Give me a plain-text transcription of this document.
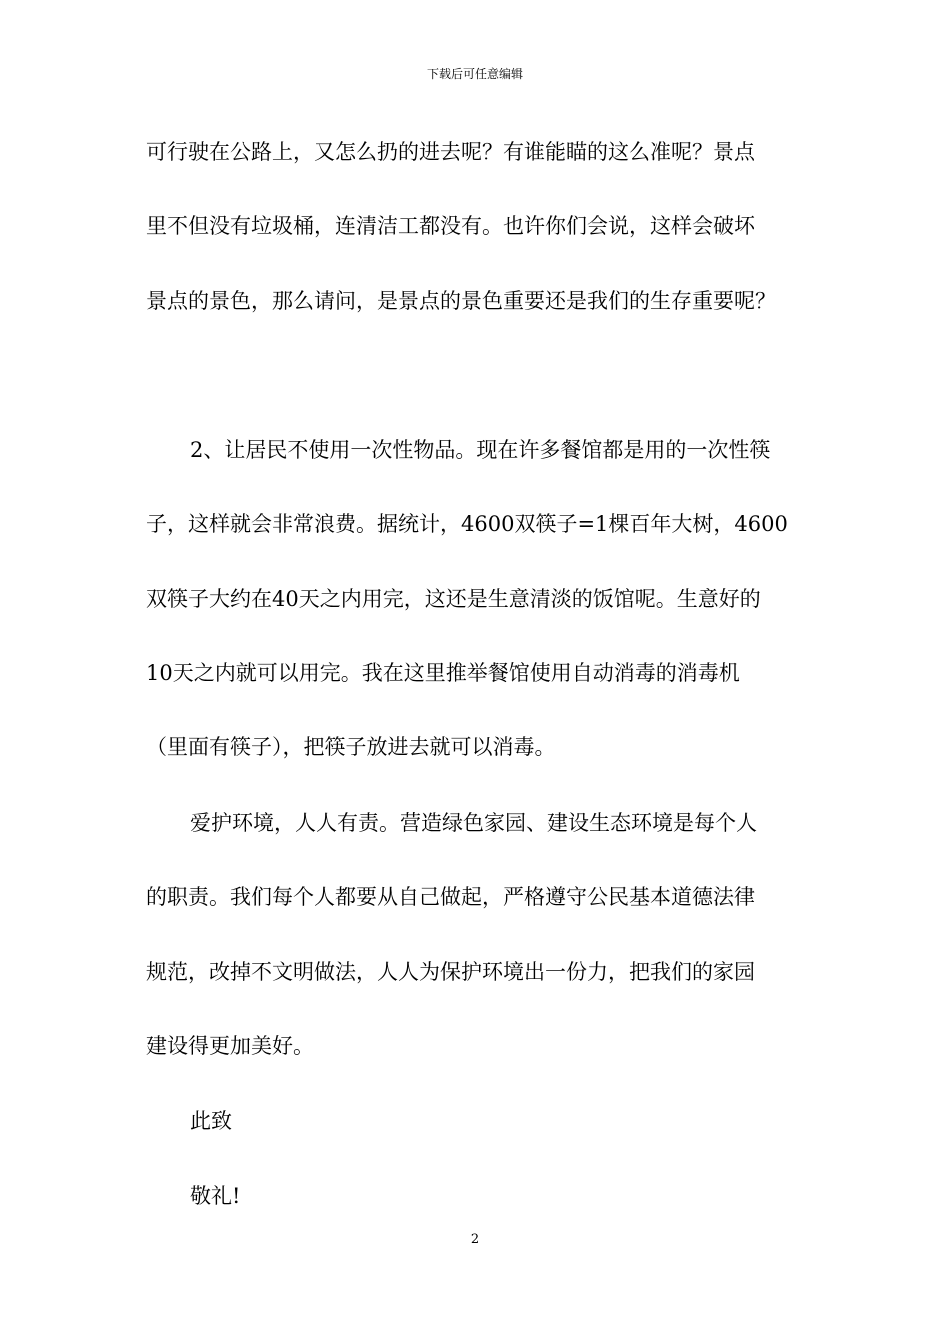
下载后可任意编辑
可行驶在公路上，又怎么扔的进去呢？有谁能瞄的这么准呢？景点
里不但没有垃圾桶，连清洁工都没有。也许你们会说，这样会破坏
景点的景色，那么请问，是景点的景色重要还是我们的生存重要呢？
2、让居民不使用一次性物品。现在许多餐馆都是用的一次性筷
子，这样就会非常浪费。据统计，4600双筷子=1棵百年大树，4600
双筷子大约在40天之内用完，这还是生意清淡的饭馆呢。生意好的
10天之内就可以用完。我在这里推举餐馆使用自动消毒的消毒机
（里面有筷子），把筷子放进去就可以消毒。
爱护环境，人人有责。营造绿色家园、建设生态环境是每个人
的职责。我们每个人都要从自己做起，严格遵守公民基本道德法律
规范，改掉不文明做法，人人为保护环境出一份力，把我们的家园
建设得更加美好。
此致
敬礼!
2
